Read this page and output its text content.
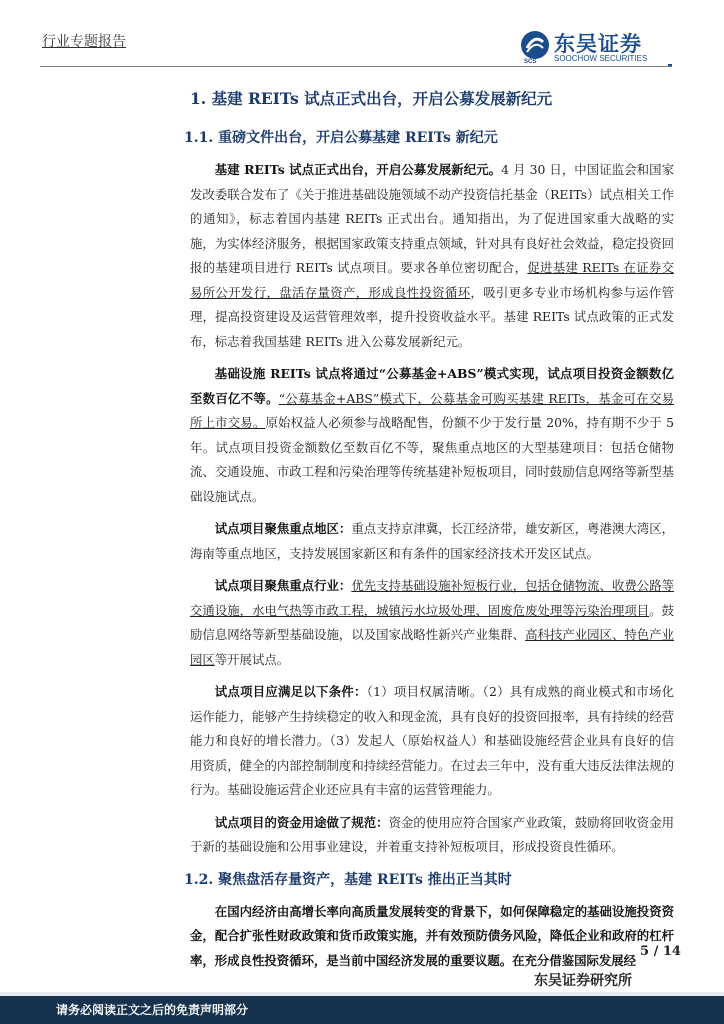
行业专题报告	东吴证券
SOOCHOW SECURITIES
SCS
1. 基建 REITs 试点正式出台，开启公募发展新纪元
1.1. 重磅文件出台，开启公募基建 REITs 新纪元

基建 REITs 试点正式出台，开启公募发展新纪元。4 月 30 日，中国证监会和国家发改委联合发布了《关于推进基础设施领域不动产投资信托基金（REITs）试点相关工作的通知》，标志着国内基建 REITs 正式出台。通知指出，为了促进国家重大战略的实施，为实体经济服务，根据国家政策支持重点领域，针对具有良好社会效益，稳定投资回报的基建项目进行 REITs 试点项目。要求各单位密切配合，促进基建 REITs 在证券交易所公开发行，盘活存量资产，形成良性投资循环，吸引更多专业市场机构参与运作管理，提高投资建设及运营管理效率，提升投资收益水平。基建 REITs 试点政策的正式发布，标志着我国基建 REITs 进入公募发展新纪元。

基础设施 REITs 试点将通过“公募基金+ABS”模式实现，试点项目投资金额数亿至数百亿不等。“公募基金+ABS”模式下，公募基金可购买基建 REITs，基金可在交易所上市交易。原始权益人必须参与战略配售，份额不少于发行量 20%，持有期不少于 5 年。试点项目投资金额数亿至数百亿不等，聚焦重点地区的大型基建项目：包括仓储物流、交通设施、市政工程和污染治理等传统基建补短板项目，同时鼓励信息网络等新型基础设施试点。

试点项目聚焦重点地区：重点支持京津冀，长江经济带，雄安新区，粤港澳大湾区，海南等重点地区，支持发展国家新区和有条件的国家经济技术开发区试点。

试点项目聚焦重点行业：优先支持基础设施补短板行业，包括仓储物流、收费公路等交通设施，水电气热等市政工程，城镇污水垃圾处理、固废危废处理等污染治理项目。鼓励信息网络等新型基础设施，以及国家战略性新兴产业集群、高科技产业园区、特色产业园区等开展试点。

试点项目应满足以下条件：（1）项目权属清晰。（2）具有成熟的商业模式和市场化运作能力，能够产生持续稳定的收入和现金流，具有良好的投资回报率，具有持续的经营能力和良好的增长潜力。（3）发起人（原始权益人）和基础设施经营企业具有良好的信用资质，健全的内部控制制度和持续经营能力。在过去三年中，没有重大违反法律法规的行为。基础设施运营企业还应具有丰富的运营管理能力。

试点项目的资金用途做了规范：资金的使用应符合国家产业政策，鼓励将回收资金用于新的基础设施和公用事业建设，并着重支持补短板项目，形成投资良性循环。

1.2. 聚焦盘活存量资产，基建 REITs 推出正当其时

在国内经济由高增长率向高质量发展转变的背景下，如何保障稳定的基础设施投资资金，配合扩张性财政政策和货币政策实施，并有效预防债务风险，降低企业和政府的杠杆率，形成良性投资循环，是当前中国经济发展的重要议题。在充分借鉴国际发展经

5 / 14
东吴证券研究所
请务必阅读正文之后的免责声明部分
